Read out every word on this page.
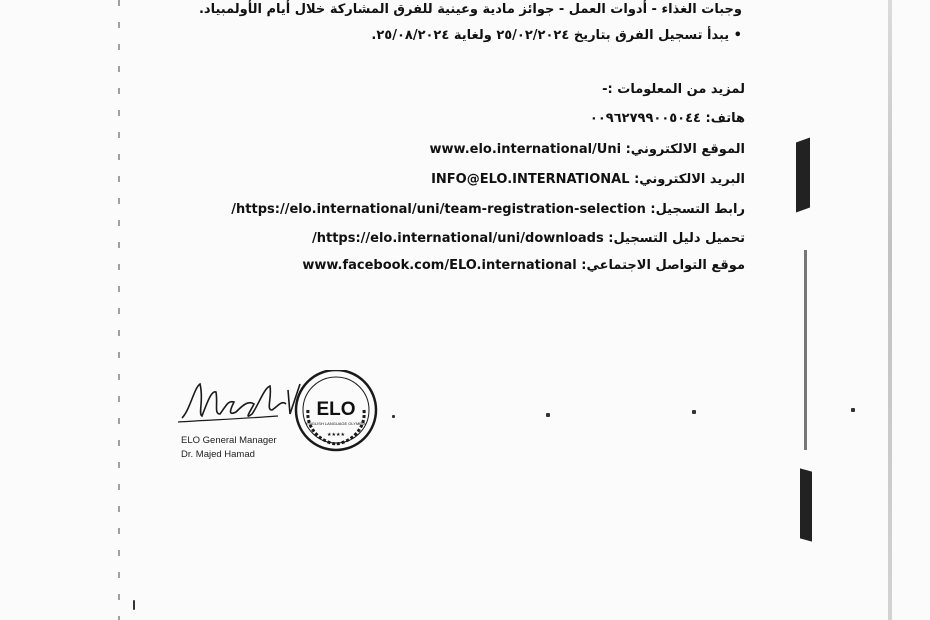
وجبات الغذاء - أدوات العمل - جوائز مادية وعينية للفرق المشاركة خلال أيام الأولمبياد.
• يبدأ تسجيل الفرق بتاريخ ٢٥/٠٢/٢٠٢٤ ولغاية ٢٥/٠٨/٢٠٢٤.
لمزيد من المعلومات :-
هاتف: ٠٠٩٦٢٧٩٩٠٠٥٠٤٤
الموقع الالكتروني: www.elo.international/Uni
البريد الالكتروني: INFO@ELO.INTERNATIONAL
رابط التسجيل: https://elo.international/uni/team-registration-selection/
تحميل دليل التسجيل: https://elo.international/uni/downloads/
موقع التواصل الاجتماعي: www.facebook.com/ELO.international
ELO
ENGLISH LANGUAGE OLYMPIA
★★★★
ELO General Manager
Dr. Majed Hamad
